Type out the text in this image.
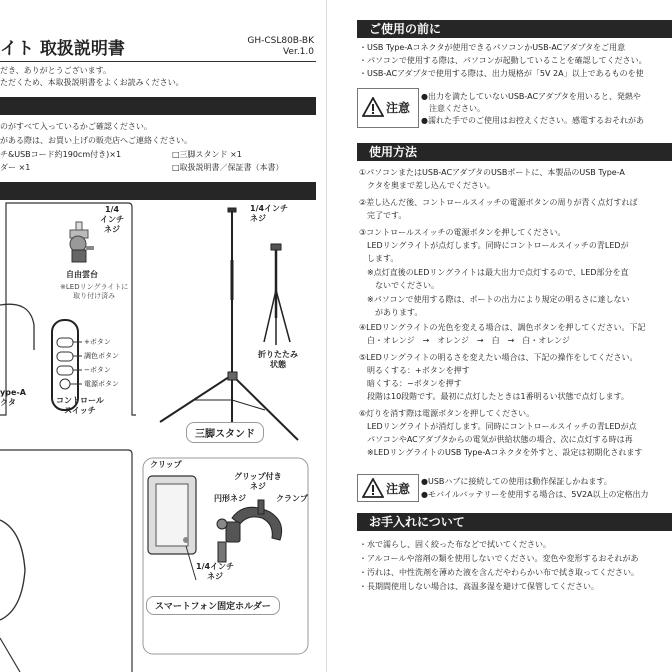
イト 取扱説明書	GH-CSL80B-BK
Ver.1.0
だき、ありがとうございます。
ただくため、本取扱説明書をよくお読みください。
のがすべて入っているかご確認ください。
がある際は、お買い上げの販売店へご連絡ください。
チ&USBコード約190cm付き)×1	□三脚スタンド ×1
ダー ×1	□取扱説明書／保証書（本書）
1/4
インチ
ネジ
自由雲台
※LEDリングライトに
取り付け済み
+ボタン
調色ボタン
−ボタン
電源ボタン
ype-A
クタ	コントロール
スイッチ
1/4インチ
ネジ
折りたたみ
状態
三脚スタンド
クリップ
グリップ付き
ネジ
円形ネジ	クランプ
1/4インチ
ネジ
スマートフォン固定ホルダー
ご使用の前に
・USB Type-Aコネクタが使用できるパソコンかUSB-ACアダプタをご用意
・パソコンで使用する際は、パソコンが起動していることを確認してください。
・USB-ACアダプタで使用する際は、出力規格が「5V 2A」以上であるものを使
注意
●出力を満たしていないUSB-ACアダプタを用いると、発熱や
　注意ください。
●濡れた手でのご使用はお控えください。感電するおそれがあ
使用方法
①パソコンまたはUSB-ACアダプタのUSBポートに、本製品のUSB Type-A
　クタを奥まで差し込んでください。
②差し込んだ後、コントロールスイッチの電源ボタンの周りが青く点灯すれば
　完了です。
③コントロールスイッチの電源ボタンを押してください。
　LEDリングライトが点灯します。同時にコントロールスイッチの青LEDが
　します。
　※点灯直後のLEDリングライトは最大出力で点灯するので、LED部分を直
　　ないでください。
　※パソコンで使用する際は、ポートの出力により規定の明るさに達しない
　　があります。
④LEDリングライトの光色を変える場合は、調色ボタンを押してください。下記
　白・オレンジ　→　オレンジ　→　白　→　白・オレンジ
⑤LEDリングライトの明るさを変えたい場合は、下記の操作をしてください。
　明るくする：+ボタンを押す
　暗くする：−ボタンを押す
　段階は10段階です。最初に点灯したときは1番明るい状態で点灯します。
⑥灯りを消す際は電源ボタンを押してください。
　LEDリングライトが消灯します。同時にコントロールスイッチの青LEDが点
　パソコンやACアダプタからの電気が供給状態の場合、次に点灯する時は再
　※LEDリングライトのUSB Type-Aコネクタを外すと、設定は初期化されます
注意
●USBハブに接続しての使用は動作保証しかねます。
●モバイルバッテリーを使用する場合は、5V2A以上の定格出力
お手入れについて
・水で濡らし、固く絞った布などで拭いてください。
・アルコールや溶剤の類を使用しないでください。変色や変形するおそれがあ
・汚れは、中性洗剤を薄めた液を含んだやわらかい布で拭き取ってください。
・長期間使用しない場合は、高温多湿を避けて保管してください。
